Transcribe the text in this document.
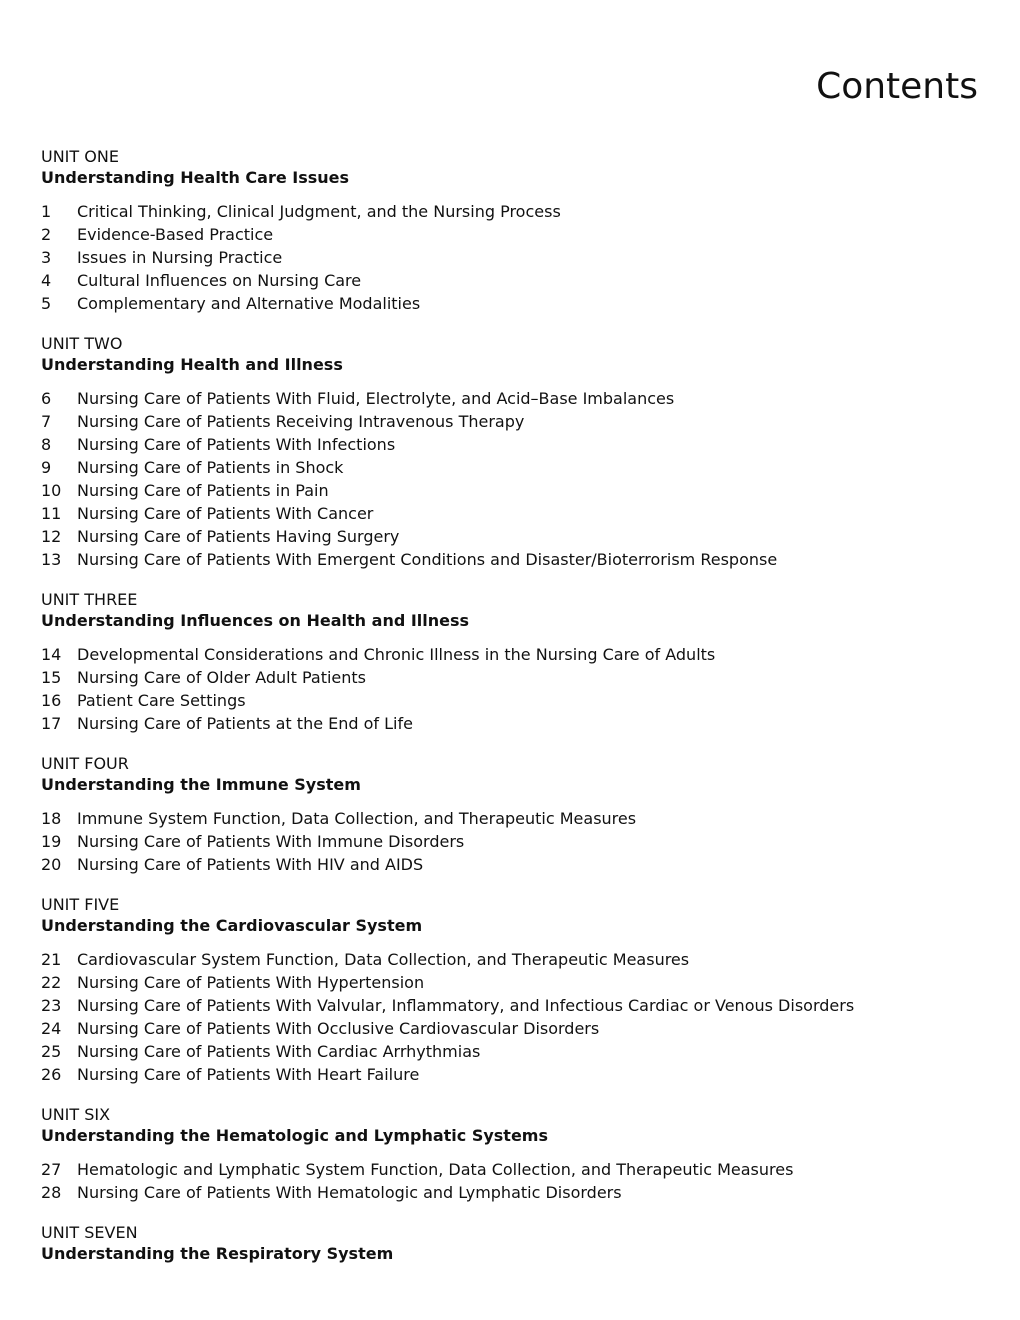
Contents
UNIT ONE
Understanding Health Care Issues
1	Critical Thinking, Clinical Judgment, and the Nursing Process
2	Evidence-Based Practice
3	Issues in Nursing Practice
4	Cultural Influences on Nursing Care
5	Complementary and Alternative Modalities
UNIT TWO
Understanding Health and Illness
6	Nursing Care of Patients With Fluid, Electrolyte, and Acid–Base Imbalances
7	Nursing Care of Patients Receiving Intravenous Therapy
8	Nursing Care of Patients With Infections
9	Nursing Care of Patients in Shock
10 Nursing Care of Patients in Pain
11 Nursing Care of Patients With Cancer
12 Nursing Care of Patients Having Surgery
13 Nursing Care of Patients With Emergent Conditions and Disaster/Bioterrorism Response
UNIT THREE
Understanding Influences on Health and Illness
14 Developmental Considerations and Chronic Illness in the Nursing Care of Adults
15 Nursing Care of Older Adult Patients
16 Patient Care Settings
17 Nursing Care of Patients at the End of Life
UNIT FOUR
Understanding the Immune System
18 Immune System Function, Data Collection, and Therapeutic Measures
19 Nursing Care of Patients With Immune Disorders
20 Nursing Care of Patients With HIV and AIDS
UNIT FIVE
Understanding the Cardiovascular System
21 Cardiovascular System Function, Data Collection, and Therapeutic Measures
22 Nursing Care of Patients With Hypertension
23 Nursing Care of Patients With Valvular, Inflammatory, and Infectious Cardiac or Venous Disorders
24 Nursing Care of Patients With Occlusive Cardiovascular Disorders
25 Nursing Care of Patients With Cardiac Arrhythmias
26 Nursing Care of Patients With Heart Failure
UNIT SIX
Understanding the Hematologic and Lymphatic Systems
27 Hematologic and Lymphatic System Function, Data Collection, and Therapeutic Measures
28 Nursing Care of Patients With Hematologic and Lymphatic Disorders
UNIT SEVEN
Understanding the Respiratory System
